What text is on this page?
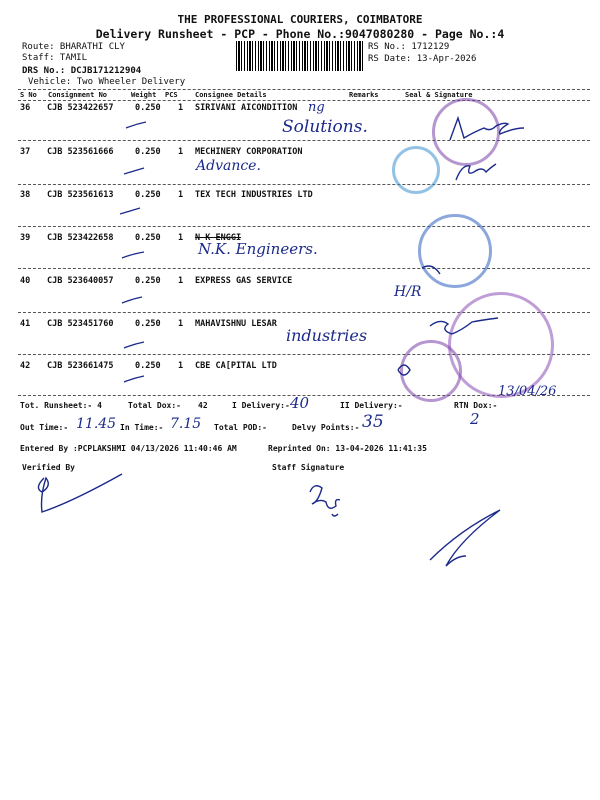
THE PROFESSIONAL COURIERS, COIMBATORE
Delivery Runsheet - PCP - Phone No.:9047080280 - Page No.:4
Route: BHARATHI CLY
Staff: TAMIL
DRS No.: DCJB171212904
Vehicle: Two Wheeler Delivery
RS No.: 1712129
RS Date: 13-Apr-2026
S No Consignment No	Weight PCS Consignee Details	Remarks	Seal & Signature
36 CJB 523422657	0.250 1 SIRIVANI AICONDITION ng
Solutions.
37 CJB 523561666	0.250 1 MECHINERY CORPORATION
Advance.
38 CJB 523561613	0.250 1 TEX TECH INDUSTRIES LTD
39 CJB 523422658	0.250 1 N K ENGGI
N.K. Engineers.
40 CJB 523640057	0.250 1 EXPRESS GAS SERVICE
H/R
41 CJB 523451760	0.250 1 MAHAVISHNU LESAR
industries
42 CJB 523661475	0.250 1 CBE CA[PITAL LTD
Tot. Runsheet:- 4	Total Dox:- 42	I Delivery:- 40	II Delivery:-	RTN Dox:-
2
13/04/26
Out Time:- 11.45 In Time:- 7.15 Total POD:-	Delvy Points:- 35
Entered By :PCPLAKSHMI 04/13/2026 11:40:46 AM	Reprinted On: 13-04-2026 11:41:35
Verified By	Staff Signature
